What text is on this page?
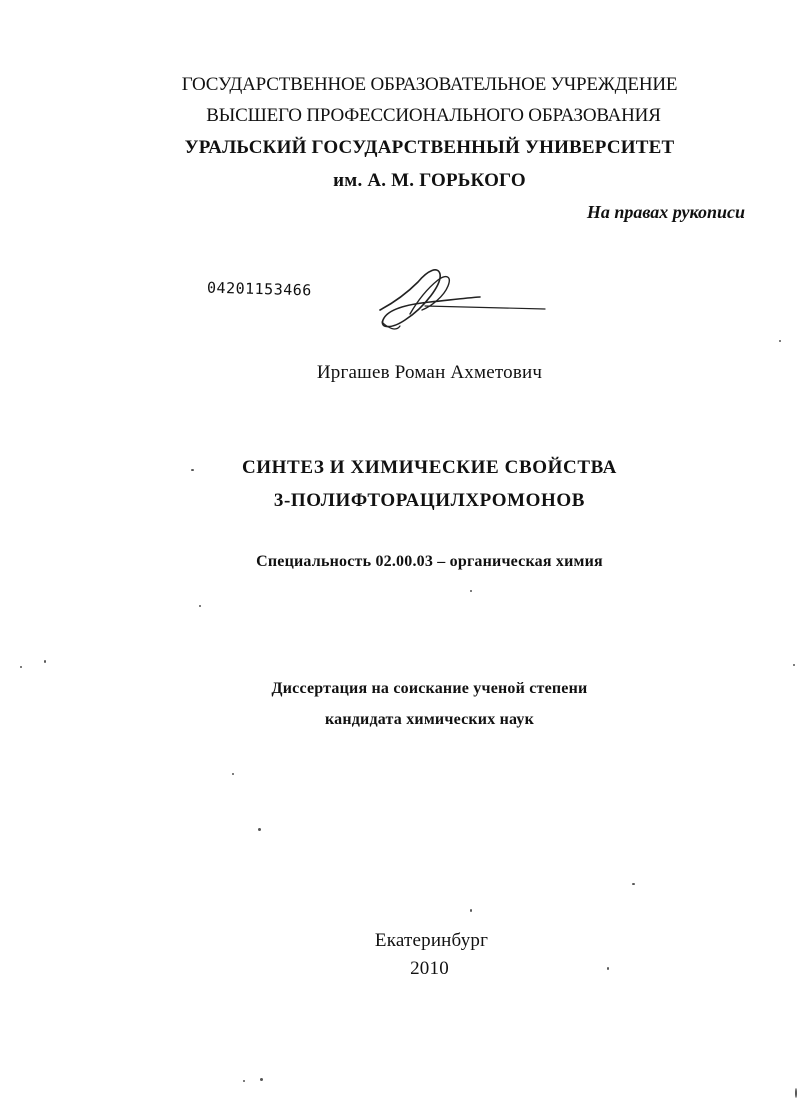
ГОСУДАРСТВЕННОЕ ОБРАЗОВАТЕЛЬНОЕ УЧРЕЖДЕНИЕ
ВЫСШЕГО ПРОФЕССИОНАЛЬНОГО ОБРАЗОВАНИЯ
УРАЛЬСКИЙ ГОСУДАРСТВЕННЫЙ УНИВЕРСИТЕТ
им. А. М. ГОРЬКОГО
На правах рукописи
04201153466
Иргашев Роман Ахметович
СИНТЕЗ И ХИМИЧЕСКИЕ СВОЙСТВА
3-ПОЛИФТОРАЦИЛХРОМОНОВ
Специальность 02.00.03 – органическая химия
Диссертация на соискание ученой степени
кандидата химических наук
Екатеринбург
2010
